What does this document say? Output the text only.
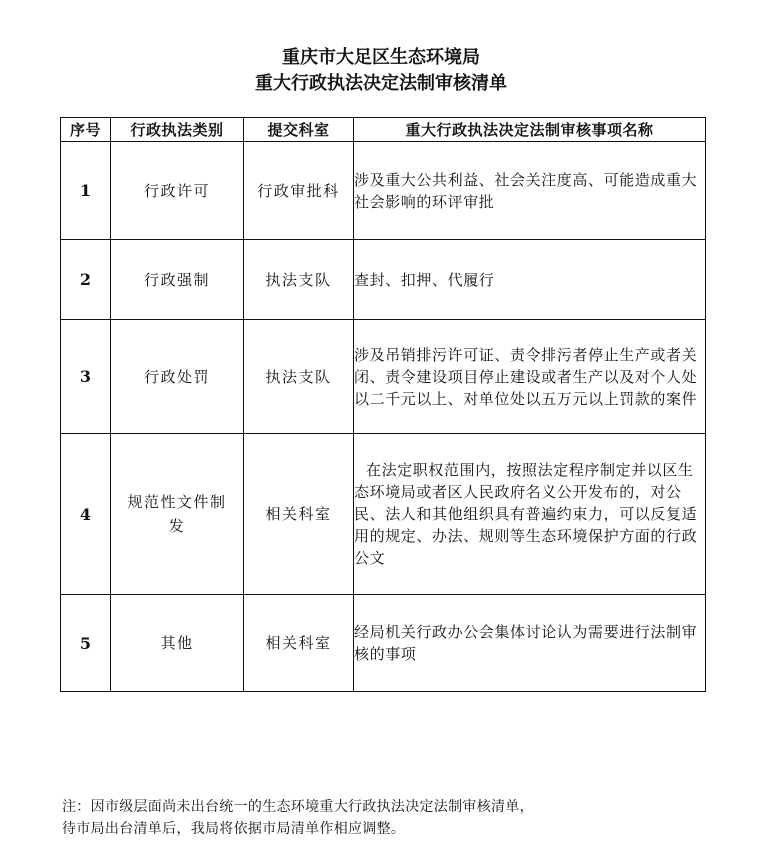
重庆市大足区生态环境局
重大行政执法决定法制审核清单
序号	行政执法类别	提交科室	重大行政执法决定法制审核事项名称
1	行政许可	行政审批科	涉及重大公共利益、社会关注度高、可能造成重大社会影响的环评审批
2	行政强制	执法支队	查封、扣押、代履行
3	行政处罚	执法支队	涉及吊销排污许可证、责令排污者停止生产或者关闭、责令建设项目停止建设或者生产以及对个人处以二千元以上、对单位处以五万元以上罚款的案件
4	规范性文件制发	相关科室	在法定职权范围内，按照法定程序制定并以区生态环境局或者区人民政府名义公开发布的，对公民、法人和其他组织具有普遍约束力，可以反复适用的规定、办法、规则等生态环境保护方面的行政公文
5	其他	相关科室	经局机关行政办公会集体讨论认为需要进行法制审核的事项
注：因市级层面尚未出台统一的生态环境重大行政执法决定法制审核清单，
待市局出台清单后，我局将依据市局清单作相应调整。
